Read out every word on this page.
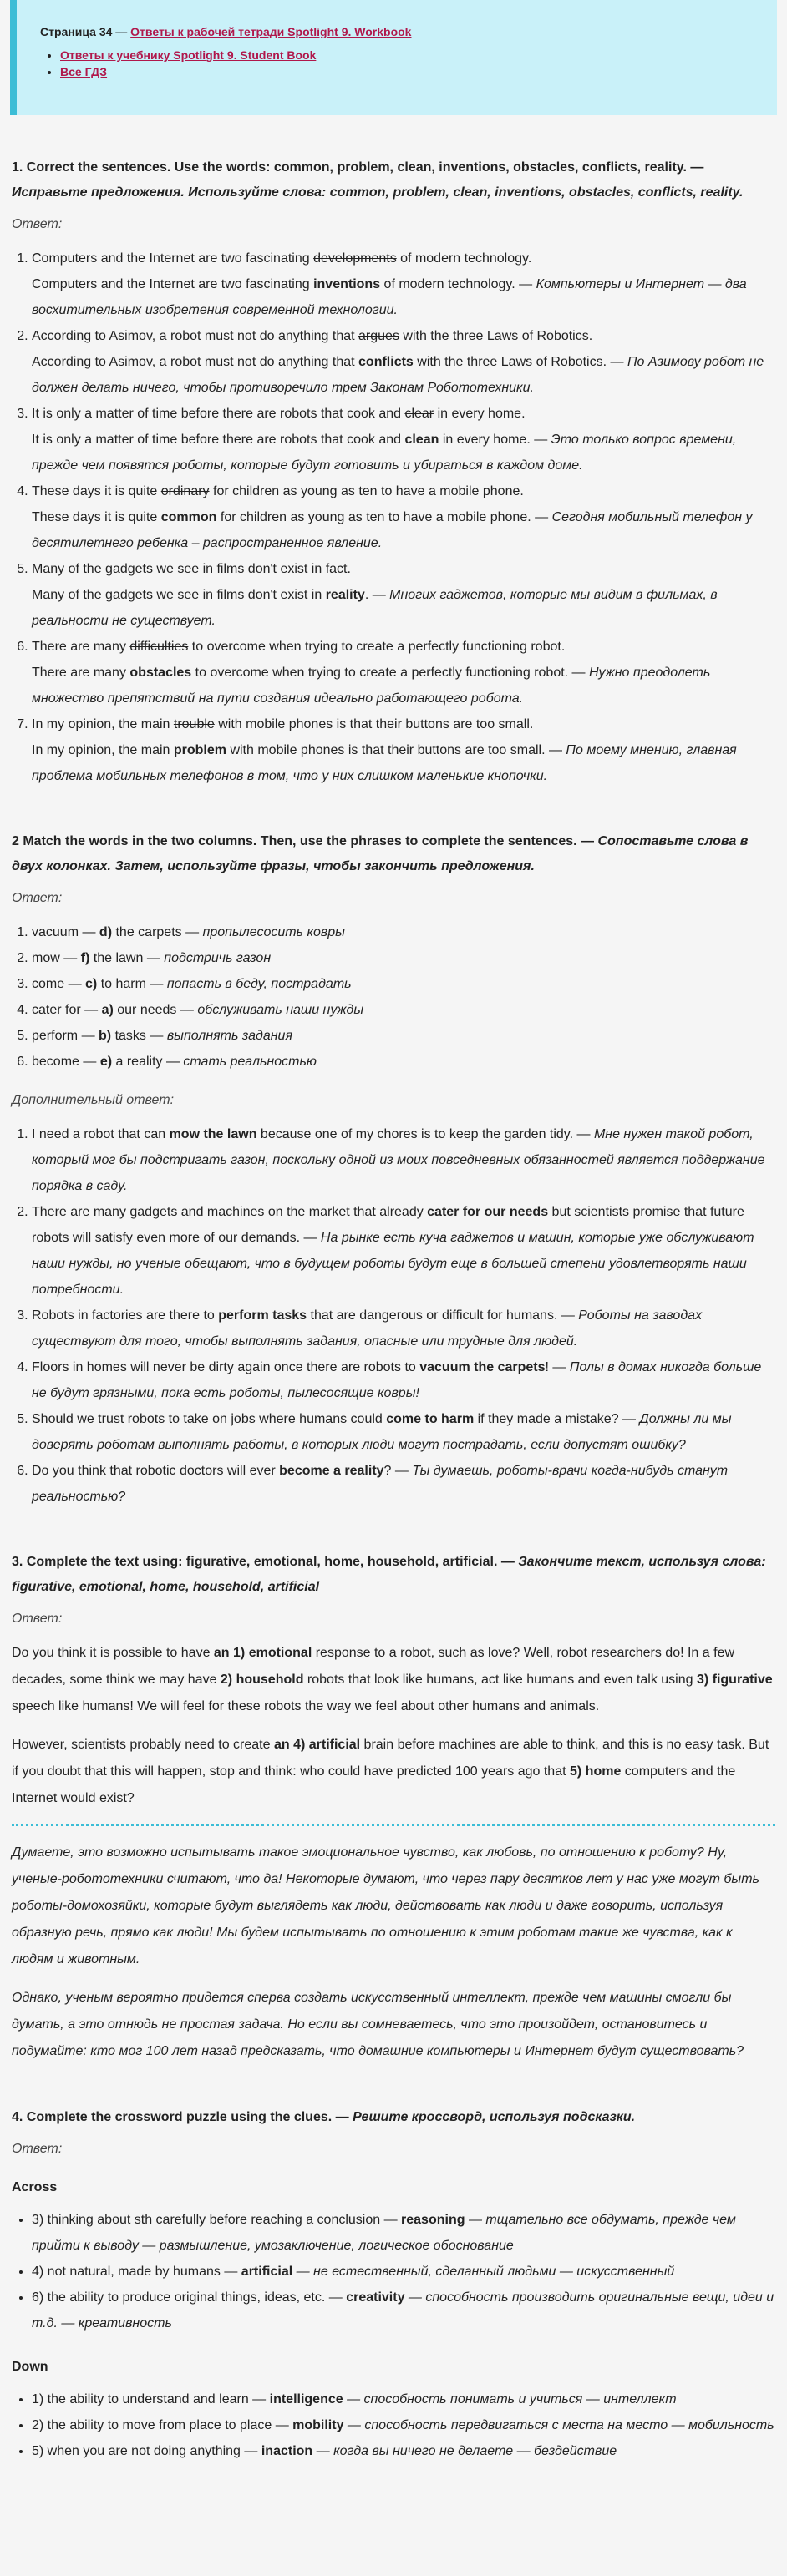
Страница 34 — Ответы к рабочей тетради Spotlight 9. Workbook
• Ответы к учебнику Spotlight 9. Student Book
• Все ГДЗ
1. Correct the sentences. Use the words: common, problem, clean, inventions, obstacles, conflicts, reality. — Исправьте предложения. Используйте слова: common, problem, clean, inventions, obstacles, conflicts, reality.
Ответ:
1. Computers and the Internet are two fascinating developments of modern technology.
Computers and the Internet are two fascinating inventions of modern technology. — Компьютеры и Интернет — два восхитительных изобретения современной технологии.
2. According to Asimov, a robot must not do anything that argues with the three Laws of Robotics.
According to Asimov, a robot must not do anything that conflicts with the three Laws of Robotics. — По Азимову робот не должен делать ничего, чтобы противоречило трем Законам Робототехники.
3. It is only a matter of time before there are robots that cook and clear in every home.
It is only a matter of time before there are robots that cook and clean in every home. — Это только вопрос времени, прежде чем появятся роботы, которые будут готовить и убираться в каждом доме.
4. These days it is quite ordinary for children as young as ten to have a mobile phone.
These days it is quite common for children as young as ten to have a mobile phone. — Сегодня мобильный телефон у десятилетнего ребенка – распространенное явление.
5. Many of the gadgets we see in films don't exist in fact.
Many of the gadgets we see in films don't exist in reality. — Многих гаджетов, которые мы видим в фильмах, в реальности не существует.
6. There are many difficulties to overcome when trying to create a perfectly functioning robot.
There are many obstacles to overcome when trying to create a perfectly functioning robot. — Нужно преодолеть множество препятствий на пути создания идеально работающего робота.
7. In my opinion, the main trouble with mobile phones is that their buttons are too small.
In my opinion, the main problem with mobile phones is that their buttons are too small. — По моему мнению, главная проблема мобильных телефонов в том, что у них слишком маленькие кнопочки.
2 Match the words in the two columns. Then, use the phrases to complete the sentences. — Сопоставьте слова в двух колонках. Затем, используйте фразы, чтобы закончить предложения.
Ответ:
1. vacuum — d) the carpets — пропылесосить ковры
2. mow — f) the lawn — подстричь газон
3. come — c) to harm — попасть в беду, пострадать
4. cater for — a) our needs — обслуживать наши нужды
5. perform — b) tasks — выполнять задания
6. become — e) a reality — стать реальностью
Дополнительный ответ:
1. I need a robot that can mow the lawn because one of my chores is to keep the garden tidy. — Мне нужен такой робот, который мог бы подстригать газон, поскольку одной из моих повседневных обязанностей является поддержание порядка в саду.
2. There are many gadgets and machines on the market that already cater for our needs but scientists promise that future robots will satisfy even more of our demands. — На рынке есть куча гаджетов и машин, которые уже обслуживают наши нужды, но ученые обещают, что в будущем роботы будут еще в большей степени удовлетворять наши потребности.
3. Robots in factories are there to perform tasks that are dangerous or difficult for humans. — Роботы на заводах существуют для того, чтобы выполнять задания, опасные или трудные для людей.
4. Floors in homes will never be dirty again once there are robots to vacuum the carpets! — Полы в домах никогда больше не будут грязными, пока есть роботы, пылесосящие ковры!
5. Should we trust robots to take on jobs where humans could come to harm if they made a mistake? — Должны ли мы доверять роботам выполнять работы, в которых люди могут пострадать, если допустят ошибку?
6. Do you think that robotic doctors will ever become a reality? — Ты думаешь, роботы-врачи когда-нибудь станут реальностью?
3. Complete the text using: figurative, emotional, home, household, artificial. — Закончите текст, используя слова: figurative, emotional, home, household, artificial
Ответ:

Do you think it is possible to have an 1) emotional response to a robot, such as love? Well, robot researchers do! In a few decades, some think we may have 2) household robots that look like humans, act like humans and even talk using 3) figurative speech like humans! We will feel for these robots the way we feel about other humans and animals.

However, scientists probably need to create an 4) artificial brain before machines are able to think, and this is no easy task. But if you doubt that this will happen, stop and think: who could have predicted 100 years ago that 5) home computers and the Internet would exist?

Думаете, это возможно испытывать такое эмоциональное чувство, как любовь, по отношению к роботу? Ну, ученые-робототехники считают, что да! Некоторые думают, что через пару десятков лет у нас уже могут быть роботы-домохозяйки, которые будут выглядеть как люди, действовать как люди и даже говорить, используя образную речь, прямо как люди! Мы будем испытывать по отношению к этим роботам такие же чувства, как к людям и животным.

Однако, ученым вероятно придется сперва создать искусственный интеллект, прежде чем машины смогли бы думать, а это отнюдь не простая задача. Но если вы сомневаетесь, что это произойдет, остановитесь и подумайте: кто мог 100 лет назад предсказать, что домашние компьютеры и Интернет будут существовать?

4. Complete the crossword puzzle using the clues. — Решите кроссворд, используя подсказки.
Ответ:
Across
• 3) thinking about sth carefully before reaching a conclusion — reasoning — тщательно все обдумать, прежде чем прийти к выводу — размышление, умозаключение, логическое обоснование
• 4) not natural, made by humans — artificial — не естественный, сделанный людьми — искусственный
• 6) the ability to produce original things, ideas, etc. — creativity — способность производить оригинальные вещи, идеи и т.д. — креативность
Down
• 1) the ability to understand and learn — intelligence — способность понимать и учиться — интеллект
• 2) the ability to move from place to place — mobility — способность передвигаться с места на место — мобильность
• 5) when you are not doing anything — inaction — когда вы ничего не делаете — бездействие
